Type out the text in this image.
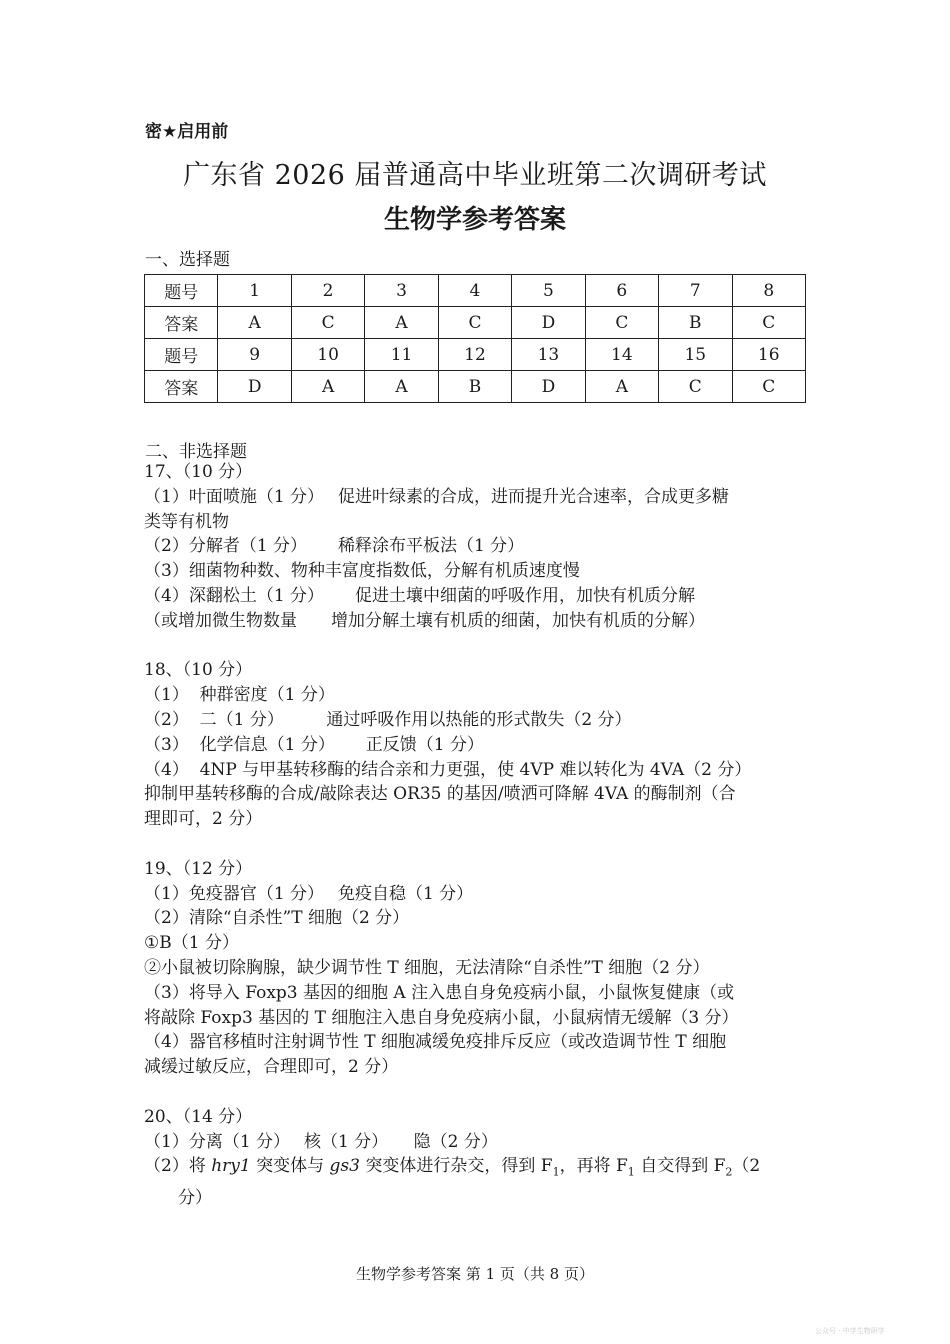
密★启用前
广东省 2026 届普通高中毕业班第二次调研考试
生物学参考答案
一、选择题
题号	1	2	3	4	5	6	7	8
答案	A	C	A	C	D	C	B	C
题号	9	10	11	12	13	14	15	16
答案	D	A	A	B	D	A	C	C
二、非选择题

17、（10 分）

（1）叶面喷施（1 分）　 促进叶绿素的合成，进而提升光合速率，合成更多糖

类等有机物

（2）分解者（1 分）　　 稀释涂布平板法（1 分）

（3）细菌物种数、物种丰富度指数低，分解有机质速度慢

（4）深翻松土（1 分）　　 促进土壤中细菌的呼吸作用，加快有机质分解

（或增加微生物数量　　增加分解土壤有机质的细菌，加快有机质的分解）

18、（10 分）

（1）  种群密度（1 分）

（2）  二（1 分）　　　通过呼吸作用以热能的形式散失（2 分）

（3）  化学信息（1 分）　　 正反馈（1 分）

（4）  4NP 与甲基转移酶的结合亲和力更强，使 4VP 难以转化为 4VA（2 分）

抑制甲基转移酶的合成/敲除表达 OR35 的基因/喷洒可降解 4VA 的酶制剂（合

理即可，2 分）

19、（12 分）

（1）免疫器官（1 分）　 免疫自稳（1 分）

（2）清除“自杀性”T 细胞（2 分）

①B（1 分）

②小鼠被切除胸腺，缺少调节性 T 细胞，无法清除“自杀性”T 细胞（2 分）

（3）将导入 Foxp3 基因的细胞 A 注入患自身免疫病小鼠，小鼠恢复健康（或

将敲除 Foxp3 基因的 T 细胞注入患自身免疫病小鼠，小鼠病情无缓解（3 分）

（4）器官移植时注射调节性 T 细胞减缓免疫排斥反应（或改造调节性 T 细胞

减缓过敏反应，合理即可，2 分）

20、（14 分）

（1）分离（1 分）　 核（1 分）　　隐（2 分）

（2）将 hry1 突变体与 gs3 突变体进行杂交，得到 $F_1$，再将 $F_1$ 自交得到 $F_2(2$

分）

生物学参考答案 第 1 页（共 8 页）
公众号 · 中学生物研学
